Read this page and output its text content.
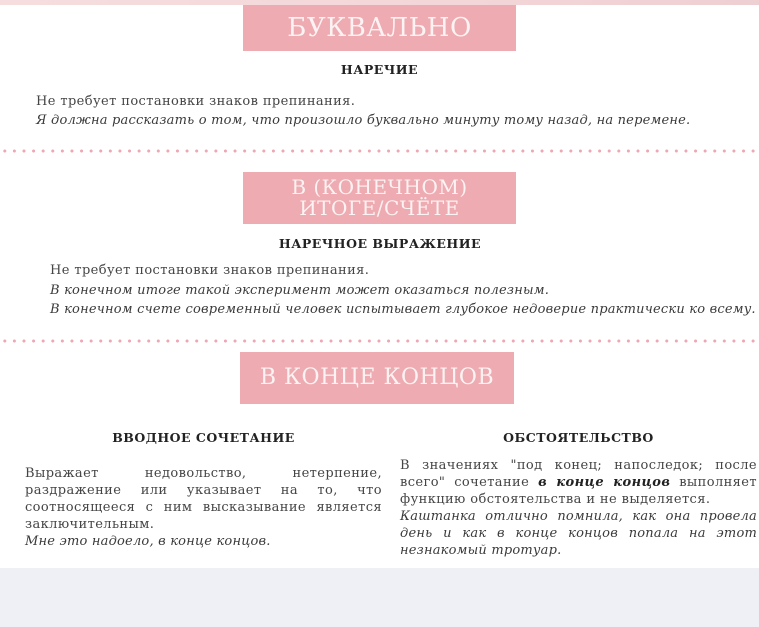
БУКВАЛЬНО
НАРЕЧИЕ
Не требует постановки знаков препинания.
Я должна рассказать о том, что произошло буквально минуту тому назад, на перемене.
В (КОНЕЧНОМ)
ИТОГЕ/СЧЁТЕ
НАРЕЧНОЕ ВЫРАЖЕНИЕ
Не требует постановки знаков препинания.
В конечном итоге такой эксперимент может оказаться полезным.
В конечном счете современный человек испытывает глубокое недоверие практически ко всему.
В КОНЦЕ КОНЦОВ
ВВОДНОЕ СОЧЕТАНИЕ
Выражает недовольство, нетерпение, раздражение или указывает на то, что соотносящееся с ним высказывание является заключительным.
Мне это надоело, в конце концов.
ОБСТОЯТЕЛЬСТВО
В значениях "под конец; напоследок; после всего" сочетание в конце концов выполняет функцию обстоятельства и не выделяется.
Каштанка отлично помнила, как она провела день и как в конце концов попала на этот незнакомый тротуар.
